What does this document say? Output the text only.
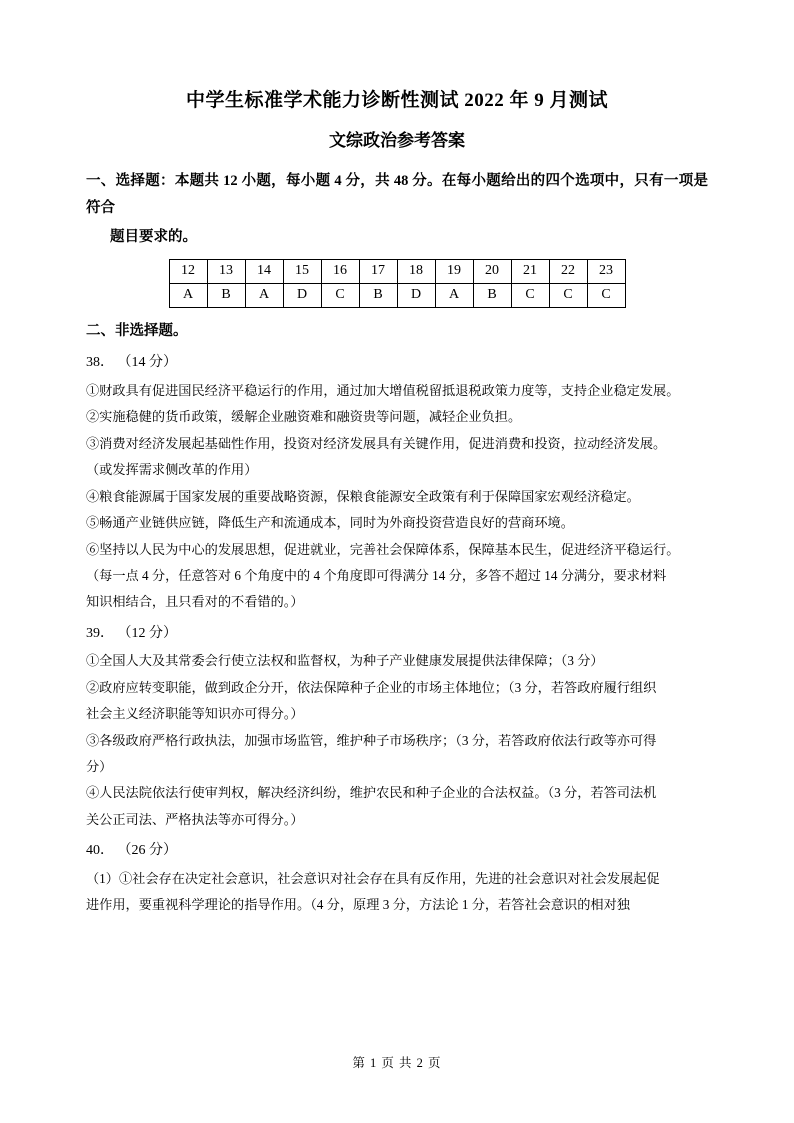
中学生标准学术能力诊断性测试 2022 年 9 月测试
文综政治参考答案
一、选择题：本题共 12 小题，每小题 4 分，共 48 分。在每小题给出的四个选项中，只有一项是符合
题目要求的。
12	13	14	15	16	17	18	19	20	21	22	23
A	B	A	D	C	B	D	A	B	C	C	C
二、非选择题。
38． （14 分）

①财政具有促进国民经济平稳运行的作用，通过加大增值税留抵退税政策力度等，支持企业稳定发展。

②实施稳健的货币政策，缓解企业融资难和融资贵等问题，减轻企业负担。

③消费对经济发展起基础性作用，投资对经济发展具有关键作用，促进消费和投资，拉动经济发展。

（或发挥需求侧改革的作用）

④粮食能源属于国家发展的重要战略资源，保粮食能源安全政策有利于保障国家宏观经济稳定。

⑤畅通产业链供应链，降低生产和流通成本，同时为外商投资营造良好的营商环境。

⑥坚持以人民为中心的发展思想，促进就业，完善社会保障体系，保障基本民生，促进经济平稳运行。

（每一点 4 分，任意答对 6 个角度中的 4 个角度即可得满分 14 分，多答不超过 14 分满分，要求材料

知识相结合，且只看对的不看错的。）

39． （12 分）

①全国人大及其常委会行使立法权和监督权，为种子产业健康发展提供法律保障；（3 分）

②政府应转变职能，做到政企分开，依法保障种子企业的市场主体地位；（3 分，若答政府履行组织

社会主义经济职能等知识亦可得分。）

③各级政府严格行政执法，加强市场监管，维护种子市场秩序；（3 分，若答政府依法行政等亦可得

分）

④人民法院依法行使审判权，解决经济纠纷，维护农民和种子企业的合法权益。（3 分，若答司法机

关公正司法、严格执法等亦可得分。）

40． （26 分）

（1）①社会存在决定社会意识，社会意识对社会存在具有反作用，先进的社会意识对社会发展起促

进作用，要重视科学理论的指导作用。（4 分，原理 3 分，方法论 1 分，若答社会意识的相对独

第 1 页 共 2 页
